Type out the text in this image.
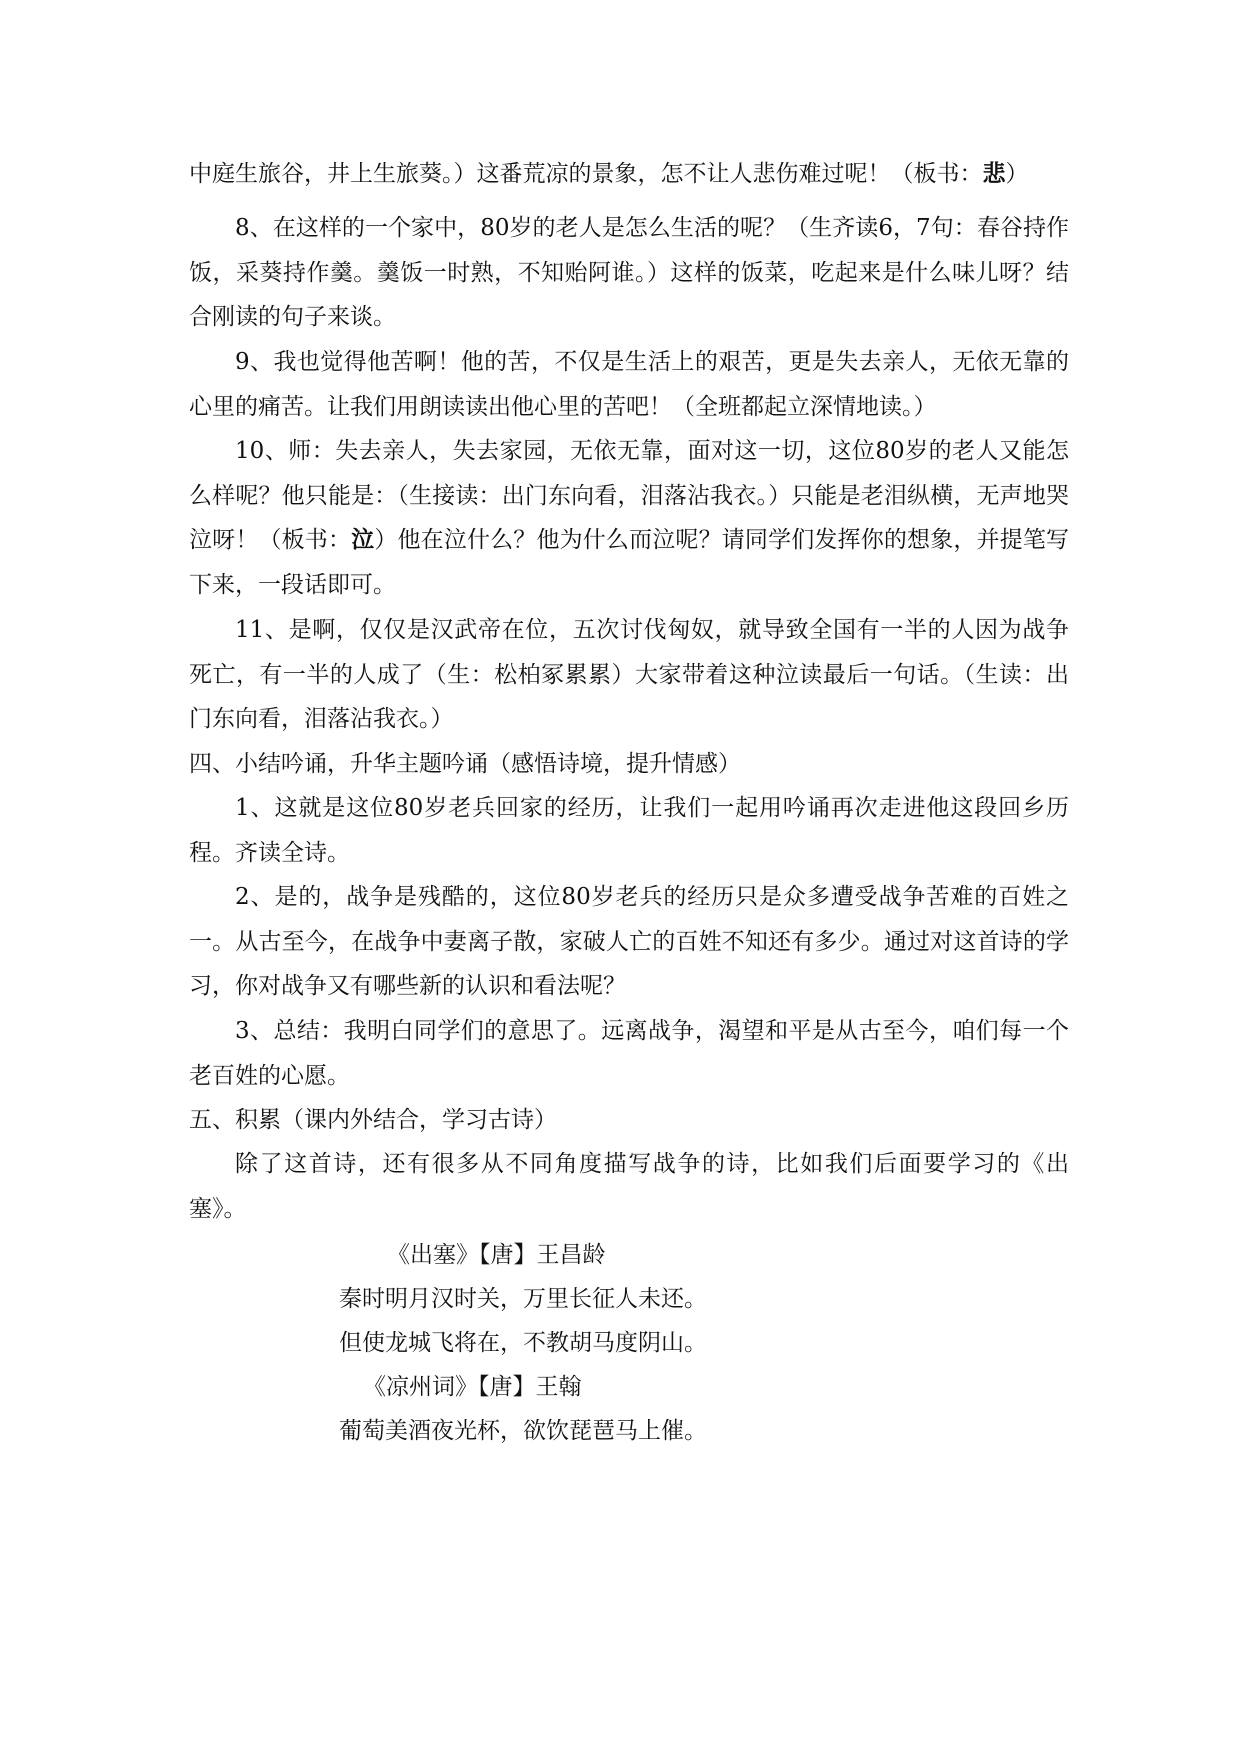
中庭生旅谷，井上生旅葵。）这番荒凉的景象，怎不让人悲伤难过呢！（板书：悲）

8、在这样的一个家中，80岁的老人是怎么生活的呢？（生齐读6，7句：春谷持作饭，采葵持作羹。羹饭一时熟，不知贻阿谁。）这样的饭菜，吃起来是什么味儿呀？结合刚读的句子来谈。

9、我也觉得他苦啊！他的苦，不仅是生活上的艰苦，更是失去亲人，无依无靠的心里的痛苦。让我们用朗读读出他心里的苦吧！（全班都起立深情地读。）

10、师：失去亲人，失去家园，无依无靠，面对这一切，这位80岁的老人又能怎么样呢？他只能是：（生接读：出门东向看，泪落沾我衣。）只能是老泪纵横，无声地哭泣呀！（板书：泣）他在泣什么？他为什么而泣呢？请同学们发挥你的想象，并提笔写下来，一段话即可。

11、是啊，仅仅是汉武帝在位，五次讨伐匈奴，就导致全国有一半的人因为战争死亡，有一半的人成了（生：松柏冢累累）大家带着这种泣读最后一句话。（生读：出门东向看，泪落沾我衣。）

四、小结吟诵，升华主题吟诵（感悟诗境，提升情感）

1、这就是这位80岁老兵回家的经历，让我们一起用吟诵再次走进他这段回乡历程。齐读全诗。

2、是的，战争是残酷的，这位80岁老兵的经历只是众多遭受战争苦难的百姓之一。从古至今，在战争中妻离子散，家破人亡的百姓不知还有多少。通过对这首诗的学习，你对战争又有哪些新的认识和看法呢？

3、总结：我明白同学们的意思了。远离战争，渴望和平是从古至今，咱们每一个老百姓的心愿。

五、积累（课内外结合，学习古诗）

除了这首诗，还有很多从不同角度描写战争的诗，比如我们后面要学习的《出塞》。

《出塞》【唐】王昌龄

秦时明月汉时关，万里长征人未还。

但使龙城飞将在，不教胡马度阴山。

《凉州词》【唐】王翰

葡萄美酒夜光杯，欲饮琵琶马上催。
